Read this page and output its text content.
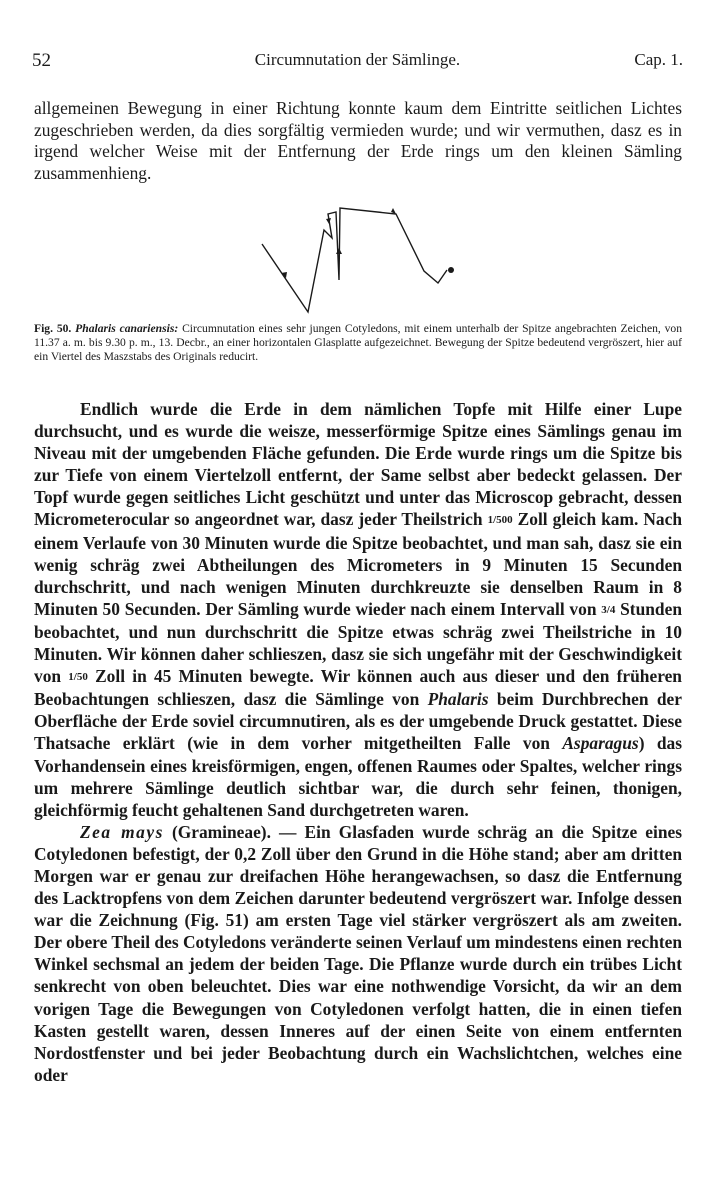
52	Circumnutation der Sämlinge.	Cap. 1.

allgemeinen Bewegung in einer Richtung konnte kaum dem Eintritte seitlichen Lichtes zugeschrieben werden, da dies sorgfältig vermieden wurde; und wir vermuthen, dasz es in irgend welcher Weise mit der Entfernung der Erde rings um den kleinen Sämling zusammenhieng.

Fig. 50. Phalaris canariensis: Circumnutation eines sehr jungen Cotyledons, mit einem unterhalb der Spitze angebrachten Zeichen, von 11.37 a. m. bis 9.30 p. m., 13. Decbr., an einer horizontalen Glasplatte aufgezeichnet. Bewegung der Spitze bedeutend vergröszert, hier auf ein Viertel des Maszstabs des Originals reducirt.

Endlich wurde die Erde in dem nämlichen Topfe mit Hilfe einer Lupe durchsucht, und es wurde die weisze, messerförmige Spitze eines Sämlings genau im Niveau mit der umgebenden Fläche gefunden. Die Erde wurde rings um die Spitze bis zur Tiefe von einem Viertelzoll entfernt, der Same selbst aber bedeckt gelassen. Der Topf wurde gegen seitliches Licht geschützt und unter das Microscop gebracht, dessen Micrometerocular so angeordnet war, dasz jeder Theilstrich 1/500 Zoll gleich kam. Nach einem Verlaufe von 30 Minuten wurde die Spitze beobachtet, und man sah, dasz sie ein wenig schräg zwei Abtheilungen des Micrometers in 9 Minuten 15 Secunden durchschritt, und nach wenigen Minuten durchkreuzte sie denselben Raum in 8 Minuten 50 Secunden. Der Sämling wurde wieder nach einem Intervall von 3/4 Stunden beobachtet, und nun durchschritt die Spitze etwas schräg zwei Theilstriche in 10 Minuten. Wir können daher schlieszen, dasz sie sich ungefähr mit der Geschwindigkeit von 1/50 Zoll in 45 Minuten bewegte. Wir können auch aus dieser und den früheren Beobachtungen schlieszen, dasz die Sämlinge von Phalaris beim Durchbrechen der Oberfläche der Erde soviel circumnutiren, als es der umgebende Druck gestattet. Diese Thatsache erklärt (wie in dem vorher mitgetheilten Falle von Asparagus) das Vorhandensein eines kreisförmigen, engen, offenen Raumes oder Spaltes, welcher rings um mehrere Sämlinge deutlich sichtbar war, die durch sehr feinen, thonigen, gleichförmig feucht gehaltenen Sand durchgetreten waren.

Zea mays (Gramineae). — Ein Glasfaden wurde schräg an die Spitze eines Cotyledonen befestigt, der 0,2 Zoll über den Grund in die Höhe stand; aber am dritten Morgen war er genau zur dreifachen Höhe herangewachsen, so dasz die Entfernung des Lacktropfens von dem Zeichen darunter bedeutend vergröszert war. Infolge dessen war die Zeichnung (Fig. 51) am ersten Tage viel stärker vergröszert als am zweiten. Der obere Theil des Cotyledons veränderte seinen Verlauf um mindestens einen rechten Winkel sechsmal an jedem der beiden Tage. Die Pflanze wurde durch ein trübes Licht senkrecht von oben beleuchtet. Dies war eine nothwendige Vorsicht, da wir an dem vorigen Tage die Bewegungen von Cotyledonen verfolgt hatten, die in einen tiefen Kasten gestellt waren, dessen Inneres auf der einen Seite von einem entfernten Nordostfenster und bei jeder Beobachtung durch ein Wachslichtchen, welches eine oder
